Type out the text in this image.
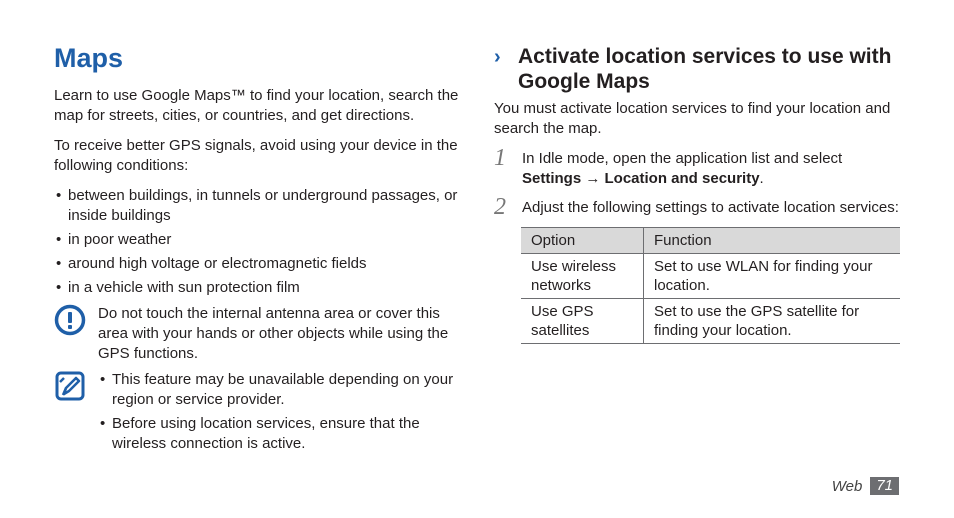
Maps

Learn to use Google Maps™ to find your location, search the map for streets, cities, or countries, and get directions.

To receive better GPS signals, avoid using your device in the following conditions:

• between buildings, in tunnels or underground passages, or inside buildings
• in poor weather
• around high voltage or electromagnetic fields
• in a vehicle with sun protection film

Do not touch the internal antenna area or cover this area with your hands or other objects while using the GPS functions.

• This feature may be unavailable depending on your region or service provider.
• Before using location services, ensure that the wireless connection is active.
› Activate location services to use with Google Maps

You must activate location services to find your location and search the map.

1 In Idle mode, open the application list and select Settings → Location and security.

2 Adjust the following settings to activate location services:

Option	Function
Use wireless networks	Set to use WLAN for finding your location.
Use GPS satellites	Set to use the GPS satellite for finding your location.
Web 71
